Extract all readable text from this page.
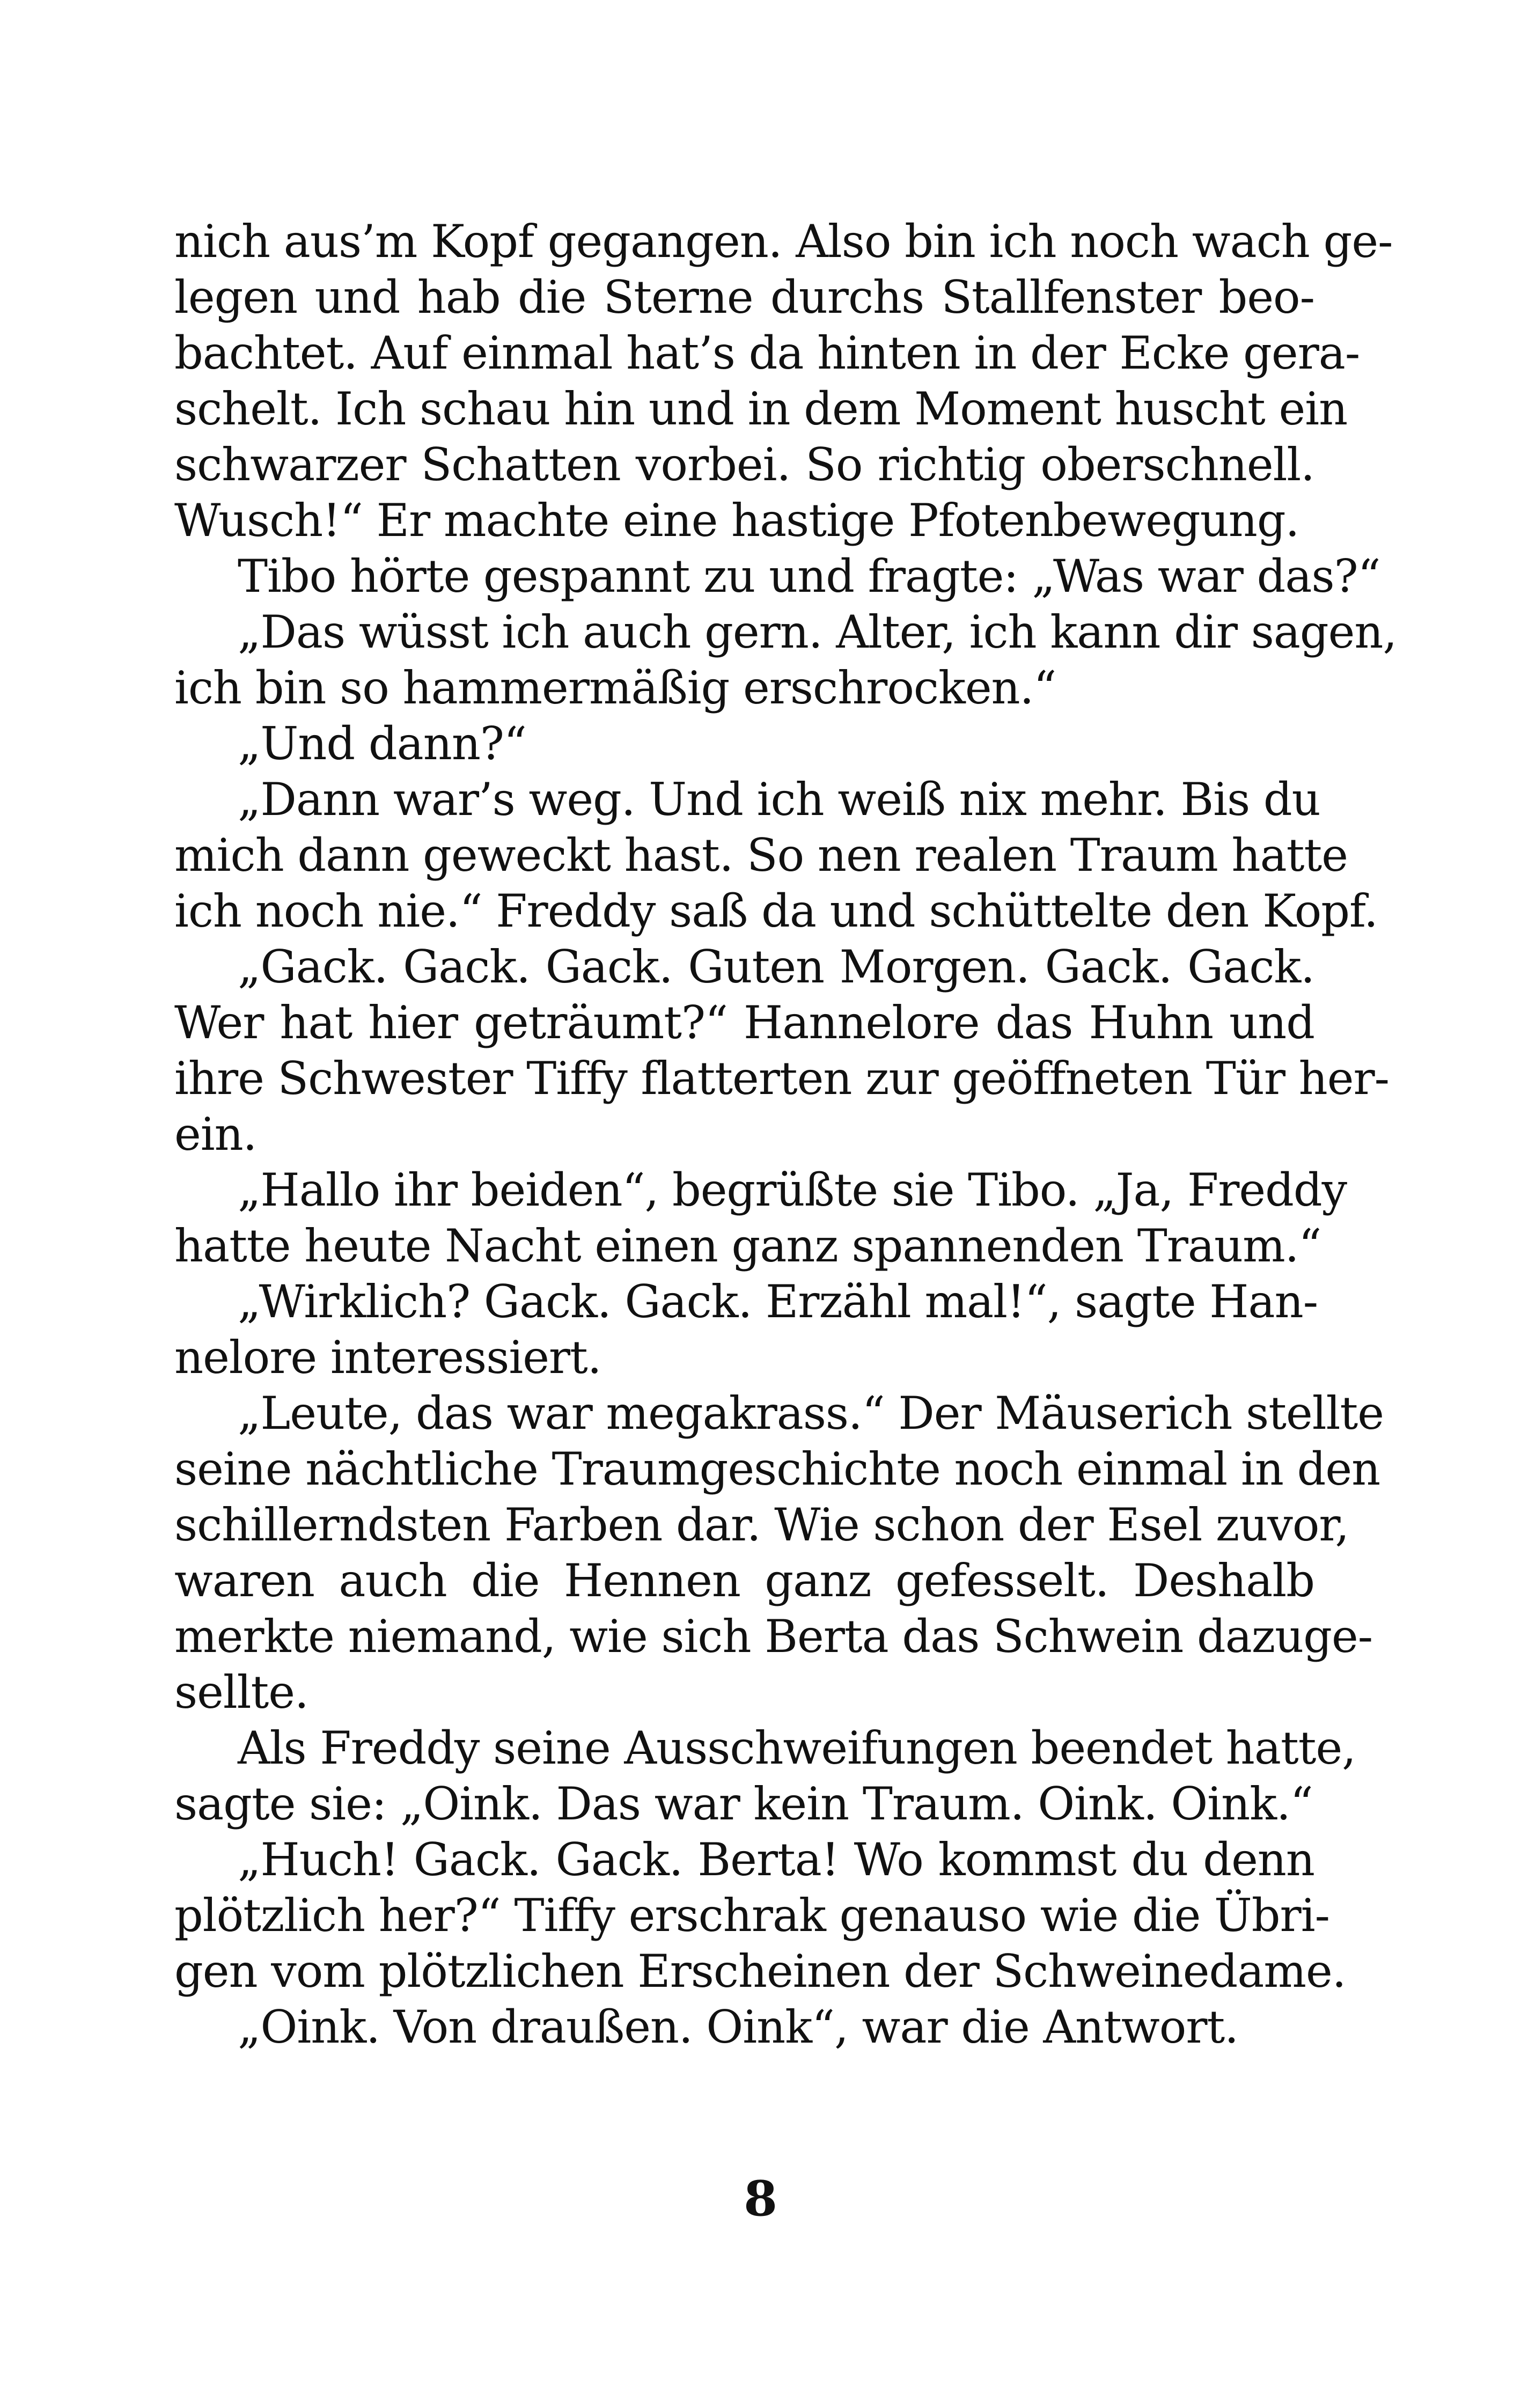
nich aus’m Kopf gegangen. Also bin ich noch wach ge-
legen und hab die Sterne durchs Stallfenster beo-
bachtet. Auf einmal hat’s da hinten in der Ecke gera-
schelt. Ich schau hin und in dem Moment huscht ein
schwarzer Schatten vorbei. So richtig oberschnell.
Wusch!“ Er machte eine hastige Pfotenbewegung.
Tibo hörte gespannt zu und fragte: „Was war das?“
„Das wüsst ich auch gern. Alter, ich kann dir sagen,
ich bin so hammermäßig erschrocken.“
„Und dann?“
„Dann war’s weg. Und ich weiß nix mehr. Bis du
mich dann geweckt hast. So nen realen Traum hatte
ich noch nie.“ Freddy saß da und schüttelte den Kopf.
„Gack. Gack. Gack. Guten Morgen. Gack. Gack.
Wer hat hier geträumt?“ Hannelore das Huhn und
ihre Schwester Tiffy flatterten zur geöffneten Tür her-
ein.
„Hallo ihr beiden“, begrüßte sie Tibo. „Ja, Freddy
hatte heute Nacht einen ganz spannenden Traum.“
„Wirklich? Gack. Gack. Erzähl mal!“, sagte Han-
nelore interessiert.
„Leute, das war megakrass.“ Der Mäuserich stellte
seine nächtliche Traumgeschichte noch einmal in den
schillerndsten Farben dar. Wie schon der Esel zuvor,
waren auch die Hennen ganz gefesselt. Deshalb
merkte niemand, wie sich Berta das Schwein dazuge-
sellte.
Als Freddy seine Ausschweifungen beendet hatte,
sagte sie: „Oink. Das war kein Traum. Oink. Oink.“
„Huch! Gack. Gack. Berta! Wo kommst du denn
plötzlich her?“ Tiffy erschrak genauso wie die Übri-
gen vom plötzlichen Erscheinen der Schweinedame.
„Oink. Von draußen. Oink“, war die Antwort.
8
